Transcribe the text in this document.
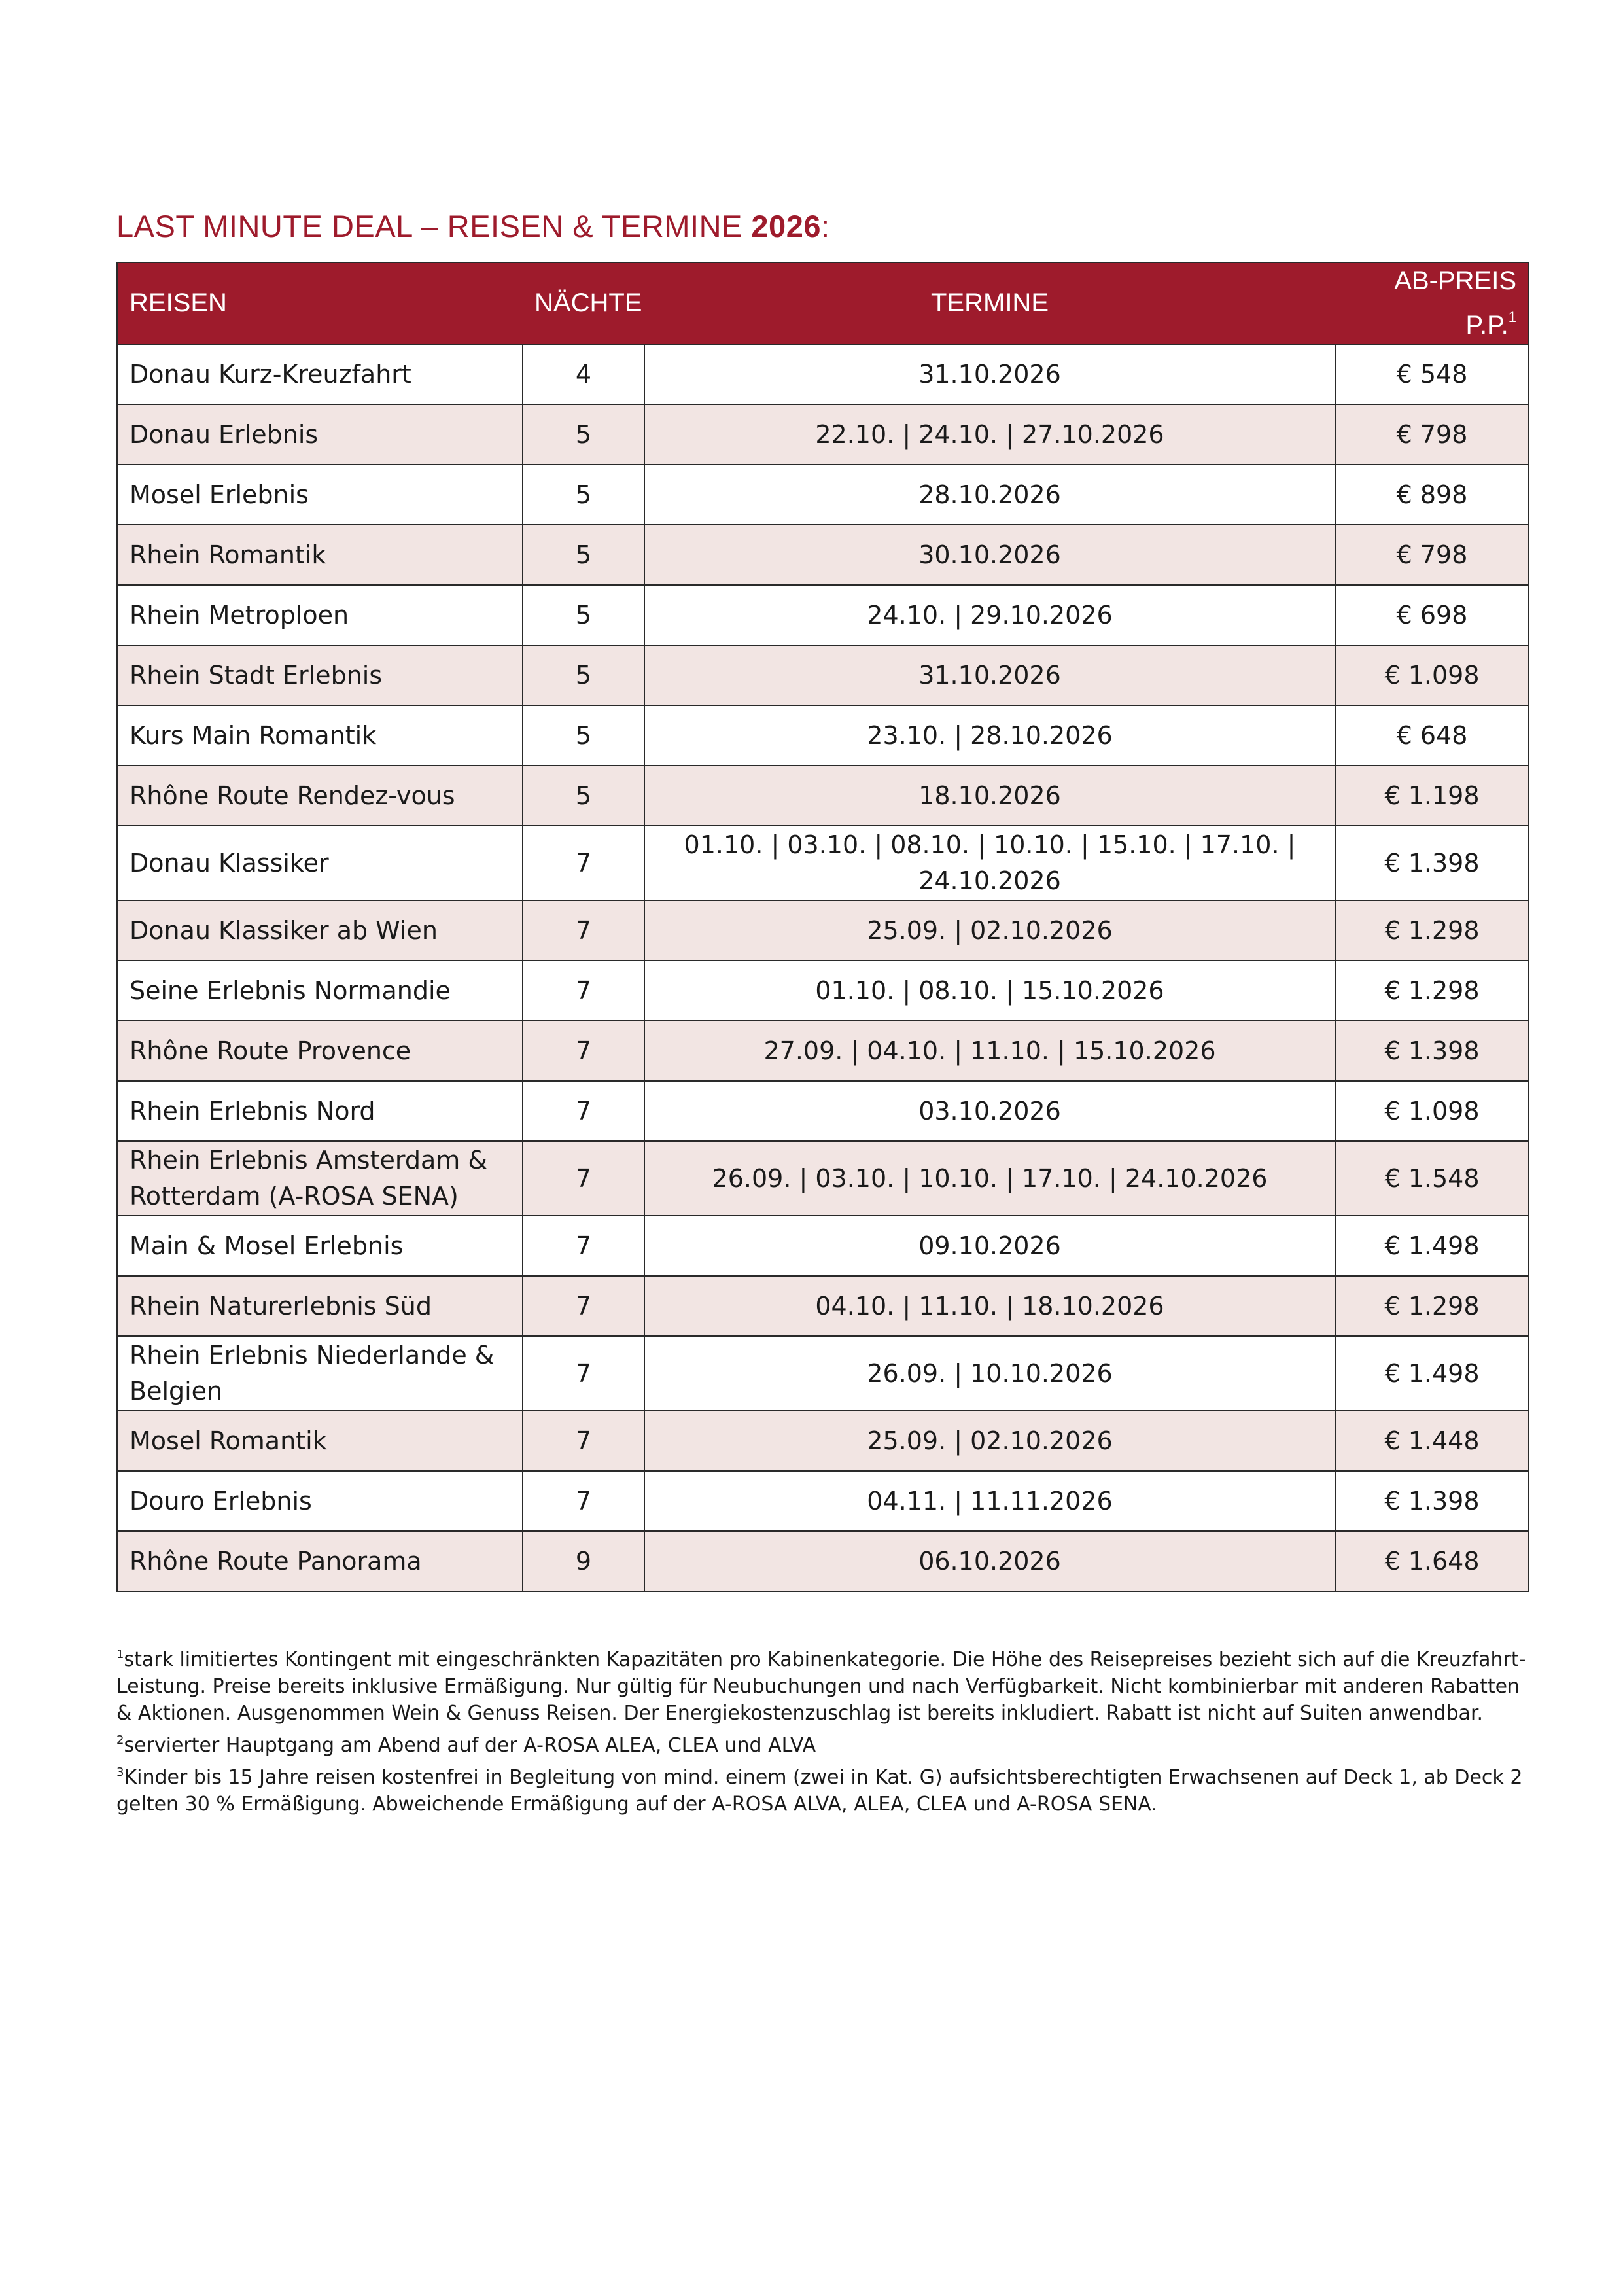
LAST MINUTE DEAL – REISEN & TERMINE 2026:
REISEN	NÄCHTE	TERMINE	AB-PREIS P.P.$^1$
Donau Kurz-Kreuzfahrt	4	31.10.2026	€ 548
Donau Erlebnis	5	22.10. | 24.10. | 27.10.2026	€ 798
Mosel Erlebnis	5	28.10.2026	€ 898
Rhein Romantik	5	30.10.2026	€ 798
Rhein Metroploen	5	24.10. | 29.10.2026	€ 698
Rhein Stadt Erlebnis	5	31.10.2026	€ 1.098
Kurs Main Romantik	5	23.10. | 28.10.2026	€ 648
Rhône Route Rendez-vous	5	18.10.2026	€ 1.198
Donau Klassiker	7	01.10. | 03.10. | 08.10. | 10.10. | 15.10. | 17.10. | 24.10.2026	€ 1.398
Donau Klassiker ab Wien	7	25.09. | 02.10.2026	€ 1.298
Seine Erlebnis Normandie	7	01.10. | 08.10. | 15.10.2026	€ 1.298
Rhône Route Provence	7	27.09. | 04.10. | 11.10. | 15.10.2026	€ 1.398
Rhein Erlebnis Nord	7	03.10.2026	€ 1.098
Rhein Erlebnis Amsterdam & Rotterdam (A-ROSA SENA)	7	26.09. | 03.10. | 10.10. | 17.10. | 24.10.2026	€ 1.548
Main & Mosel Erlebnis	7	09.10.2026	€ 1.498
Rhein Naturerlebnis Süd	7	04.10. | 11.10. | 18.10.2026	€ 1.298
Rhein Erlebnis Niederlande & Belgien	7	26.09. | 10.10.2026	€ 1.498
Mosel Romantik	7	25.09. | 02.10.2026	€ 1.448
Douro Erlebnis	7	04.11. | 11.11.2026	€ 1.398
Rhône Route Panorama	9	06.10.2026	€ 1.648

$^1$stark limitiertes Kontingent mit eingeschränkten Kapazitäten pro Kabinenkategorie. Die Höhe des Reisepreises bezieht sich auf die Kreuzfahrt-Leistung. Preise bereits inklusive Ermäßigung. Nur gültig für Neubuchungen und nach Verfügbarkeit. Nicht kombinierbar mit anderen Rabatten & Aktionen. Ausgenommen Wein & Genuss Reisen. Der Energiekostenzuschlag ist bereits inkludiert. Rabatt ist nicht auf Suiten anwendbar.

$^2$servierter Hauptgang am Abend auf der A-ROSA ALEA, CLEA und ALVA

$^3$Kinder bis 15 Jahre reisen kostenfrei in Begleitung von mind. einem (zwei in Kat. G) aufsichtsberechtigten Erwachsenen auf Deck 1, ab Deck 2 gelten 30 % Ermäßigung. Abweichende Ermäßigung auf der A-ROSA ALVA, ALEA, CLEA und A-ROSA SENA.
